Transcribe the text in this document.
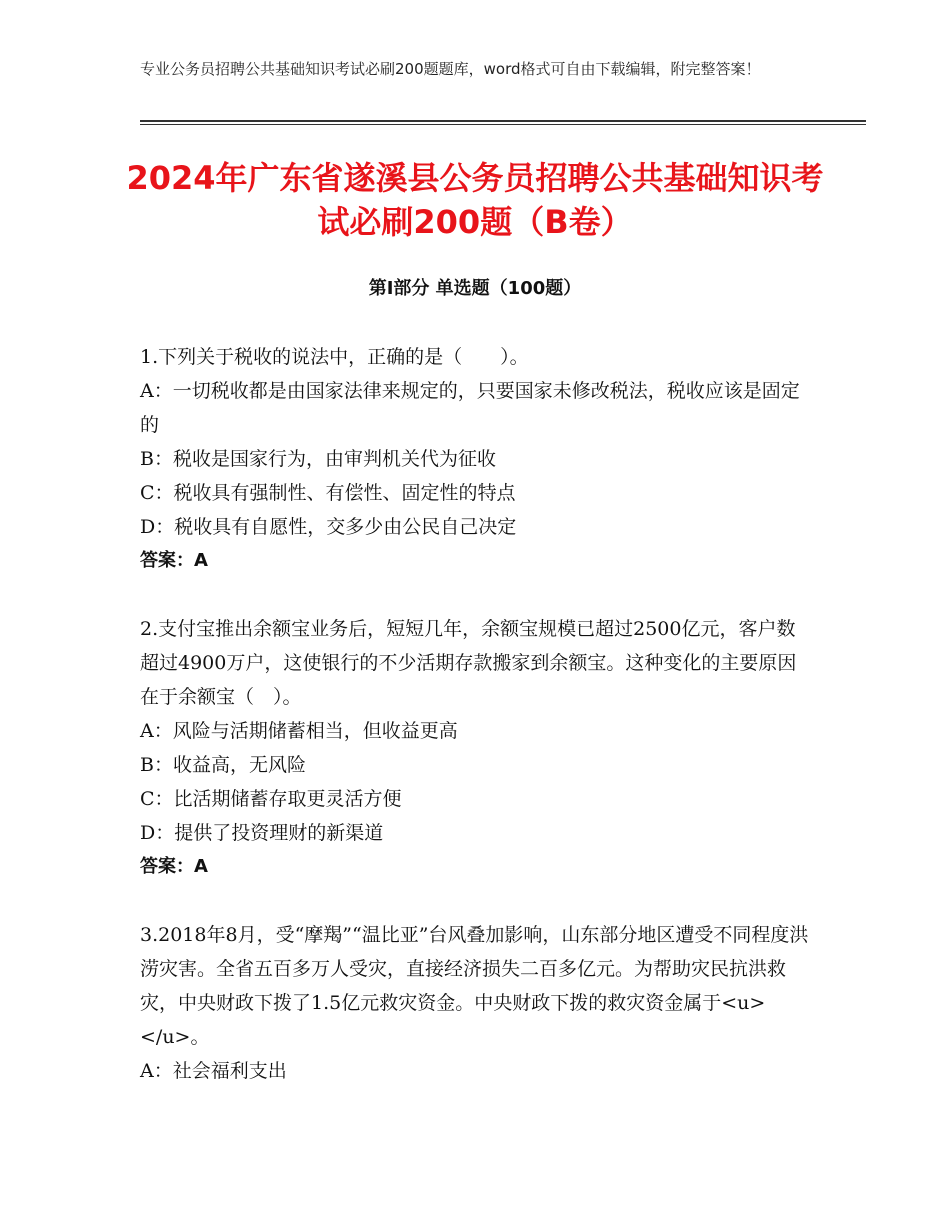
专业公务员招聘公共基础知识考试必刷200题题库，word格式可自由下载编辑，附完整答案！
2024年广东省遂溪县公务员招聘公共基础知识考试必刷200题（B卷）
第Ⅰ部分 单选题（100题）

1.下列关于税收的说法中，正确的是（　　）。

A：一切税收都是由国家法律来规定的，只要国家未修改税法，税收应该是固定的

B：税收是国家行为，由审判机关代为征收

C：税收具有强制性、有偿性、固定性的特点

D：税收具有自愿性，交多少由公民自己决定

答案：A

2.支付宝推出余额宝业务后，短短几年，余额宝规模已超过2500亿元，客户数超过4900万户，这使银行的不少活期存款搬家到余额宝。这种变化的主要原因在于余额宝（　）。

A：风险与活期储蓄相当，但收益更高

B：收益高，无风险

C：比活期储蓄存取更灵活方便

D：提供了投资理财的新渠道

答案：A

3.2018年8月，受“摩羯”“温比亚”台风叠加影响，山东部分地区遭受不同程度洪涝灾害。全省五百多万人受灾，直接经济损失二百多亿元。为帮助灾民抗洪救灾，中央财政下拨了1.5亿元救灾资金。中央财政下拨的救灾资金属于<u>　　</u>。

A：社会福利支出
